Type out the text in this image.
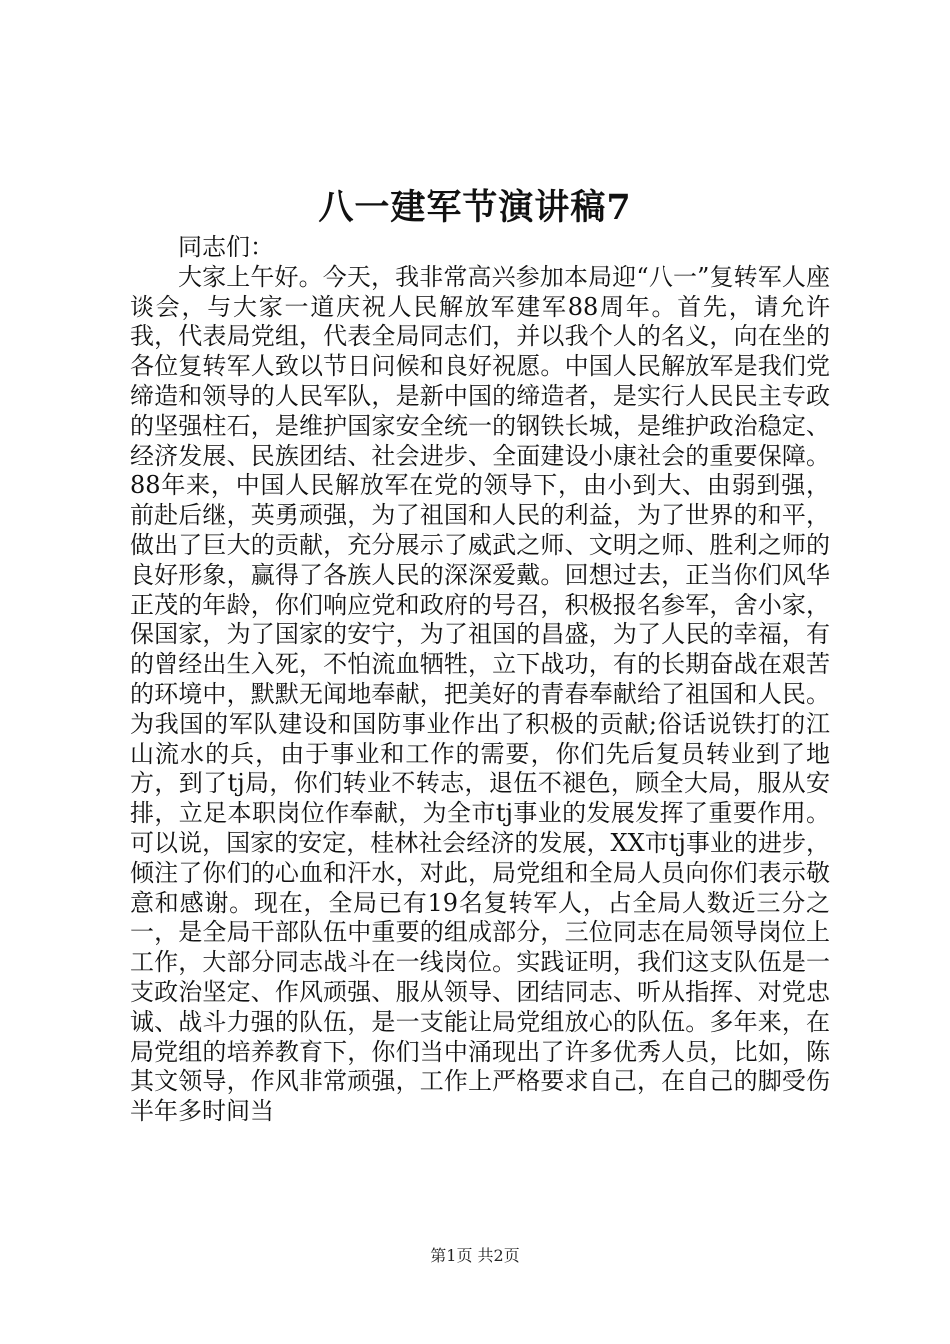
八一建军节演讲稿7

同志们：

大家上午好。今天，我非常高兴参加本局迎“八一”复转军人座谈会，与大家一道庆祝人民解放军建军88周年。首先，请允许我，代表局党组，代表全局同志们，并以我个人的名义，向在坐的各位复转军人致以节日问候和良好祝愿。中国人民解放军是我们党缔造和领导的人民军队，是新中国的缔造者，是实行人民民主专政的坚强柱石，是维护国家安全统一的钢铁长城，是维护政治稳定、经济发展、民族团结、社会进步、全面建设小康社会的重要保障。88年来，中国人民解放军在党的领导下，由小到大、由弱到强，前赴后继，英勇顽强，为了祖国和人民的利益，为了世界的和平，做出了巨大的贡献，充分展示了威武之师、文明之师、胜利之师的良好形象，赢得了各族人民的深深爱戴。回想过去，正当你们风华正茂的年龄，你们响应党和政府的号召，积极报名参军，舍小家，保国家，为了国家的安宁，为了祖国的昌盛，为了人民的幸福，有的曾经出生入死，不怕流血牺牲，立下战功，有的长期奋战在艰苦的环境中，默默无闻地奉献，把美好的青春奉献给了祖国和人民。为我国的军队建设和国防事业作出了积极的贡献;俗话说铁打的江山流水的兵，由于事业和工作的需要，你们先后复员转业到了地方，到了tj局，你们转业不转志，退伍不褪色，顾全大局，服从安排，立足本职岗位作奉献，为全市tj事业的发展发挥了重要作用。可以说，国家的安定，桂林社会经济的发展，XX市tj事业的进步，倾注了你们的心血和汗水，对此，局党组和全局人员向你们表示敬意和感谢。现在，全局已有19名复转军人，占全局人数近三分之一，是全局干部队伍中重要的组成部分，三位同志在局领导岗位上工作，大部分同志战斗在一线岗位。实践证明，我们这支队伍是一支政治坚定、作风顽强、服从领导、团结同志、听从指挥、对党忠诚、战斗力强的队伍，是一支能让局党组放心的队伍。多年来，在局党组的培养教育下，你们当中涌现出了许多优秀人员，比如，陈其文领导，作风非常顽强，工作上严格要求自己，在自己的脚受伤半年多时间当

第1页 共2页
